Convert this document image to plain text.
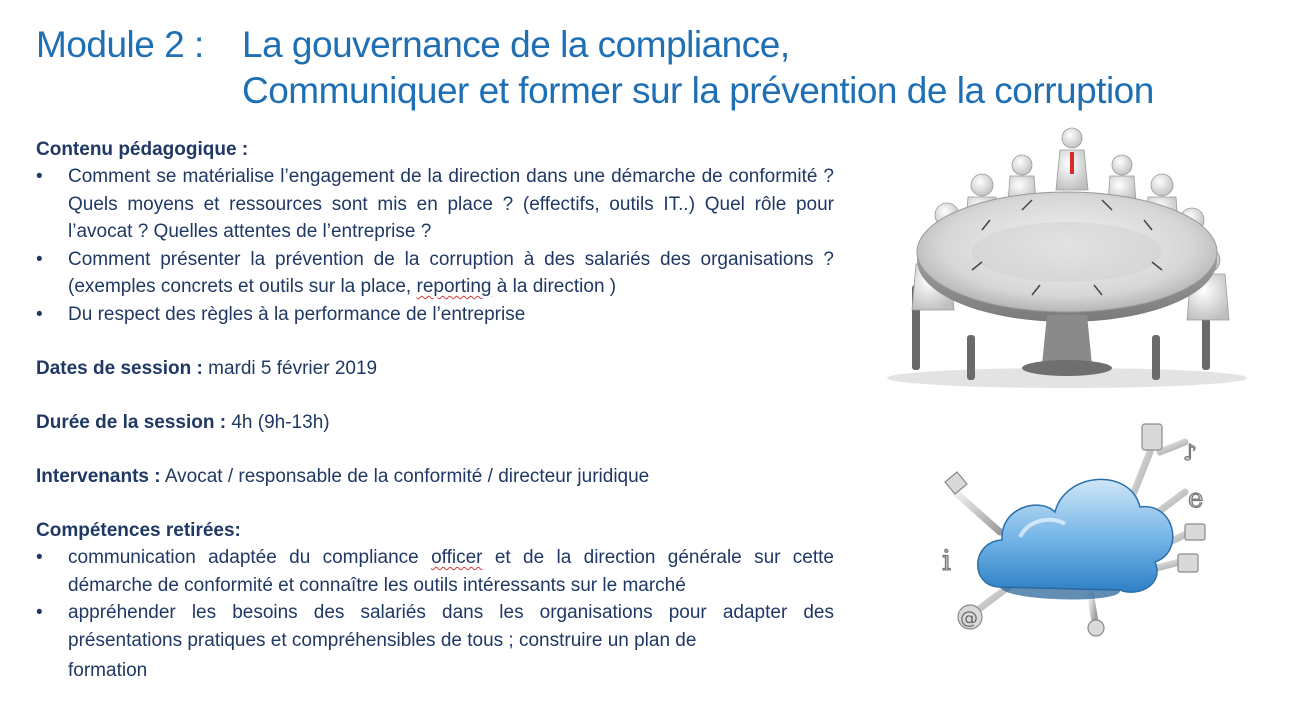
Module 2 : La gouvernance de la compliance,
Communiquer et former sur la prévention de la corruption
Contenu pédagogique :
• Comment se matérialise l’engagement de la direction dans une démarche de conformité ? Quels moyens et ressources sont mis en place ? (effectifs, outils IT..) Quel rôle pour l’avocat ? Quelles attentes de l’entreprise ?
• Comment présenter la prévention de la corruption à des salariés des organisations ? (exemples concrets et outils sur la place, reporting à la direction )
• Du respect des règles à la performance de l’entreprise
Dates de session : mardi 5 février 2019
Durée de la session : 4h (9h-13h)
Intervenants : Avocat / responsable de la conformité / directeur juridique
Compétences retirées:
• communication adaptée du compliance officer et de la direction générale sur cette démarche de conformité et connaître les outils intéressants sur le marché
• appréhender les besoins des salariés dans les organisations pour adapter des présentations pratiques et compréhensibles de tous ; construire un plan de
formation
i
♪
e
@
